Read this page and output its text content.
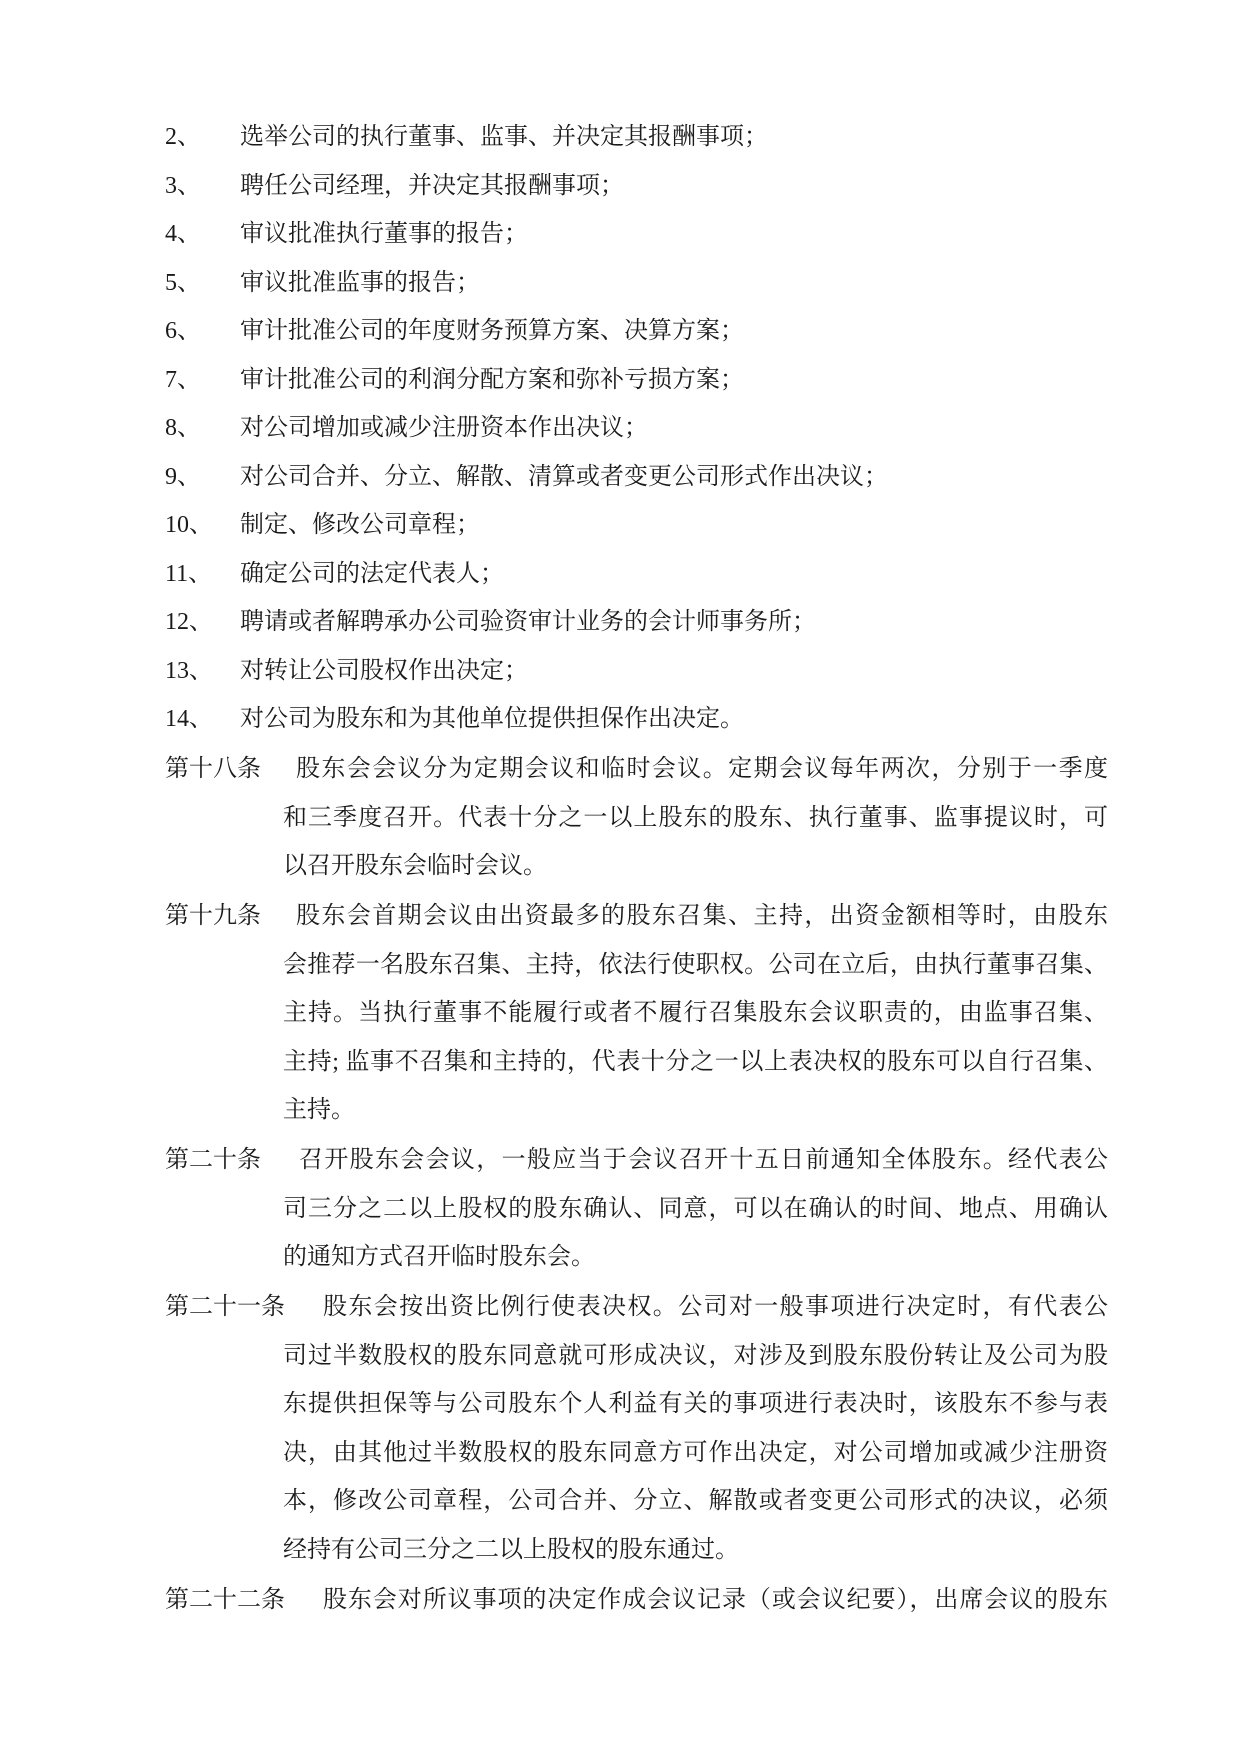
2、	选举公司的执行董事、监事、并决定其报酬事项；
3、	聘任公司经理，并决定其报酬事项；
4、	审议批准执行董事的报告；
5、	审议批准监事的报告；
6、	审计批准公司的年度财务预算方案、决算方案；
7、	审计批准公司的利润分配方案和弥补亏损方案；
8、	对公司增加或减少注册资本作出决议；
9、	对公司合并、分立、解散、清算或者变更公司形式作出决议；
10、	制定、修改公司章程；
11、	确定公司的法定代表人；
12、	聘请或者解聘承办公司验资审计业务的会计师事务所；
13、	对转让公司股权作出决定；
14、	对公司为股东和为其他单位提供担保作出决定。
第十八条	股东会会议分为定期会议和临时会议。定期会议每年两次，分别于一季度
和三季度召开。代表十分之一以上股东的股东、执行董事、监事提议时，可
以召开股东会临时会议。
第十九条	股东会首期会议由出资最多的股东召集、主持，出资金额相等时，由股东
会推荐一名股东召集、主持，依法行使职权。公司在立后，由执行董事召集、
主持。当执行董事不能履行或者不履行召集股东会议职责的，由监事召集、
主持; 监事不召集和主持的，代表十分之一以上表决权的股东可以自行召集、
主持。
第二十条	召开股东会会议，一般应当于会议召开十五日前通知全体股东。经代表公
司三分之二以上股权的股东确认、同意，可以在确认的时间、地点、用确认
的通知方式召开临时股东会。
第二十一条	股东会按出资比例行使表决权。公司对一般事项进行决定时，有代表公
司过半数股权的股东同意就可形成决议，对涉及到股东股份转让及公司为股
东提供担保等与公司股东个人利益有关的事项进行表决时，该股东不参与表
决，由其他过半数股权的股东同意方可作出决定，对公司增加或减少注册资
本，修改公司章程，公司合并、分立、解散或者变更公司形式的决议，必须
经持有公司三分之二以上股权的股东通过。
第二十二条	股东会对所议事项的决定作成会议记录（或会议纪要），出席会议的股东
